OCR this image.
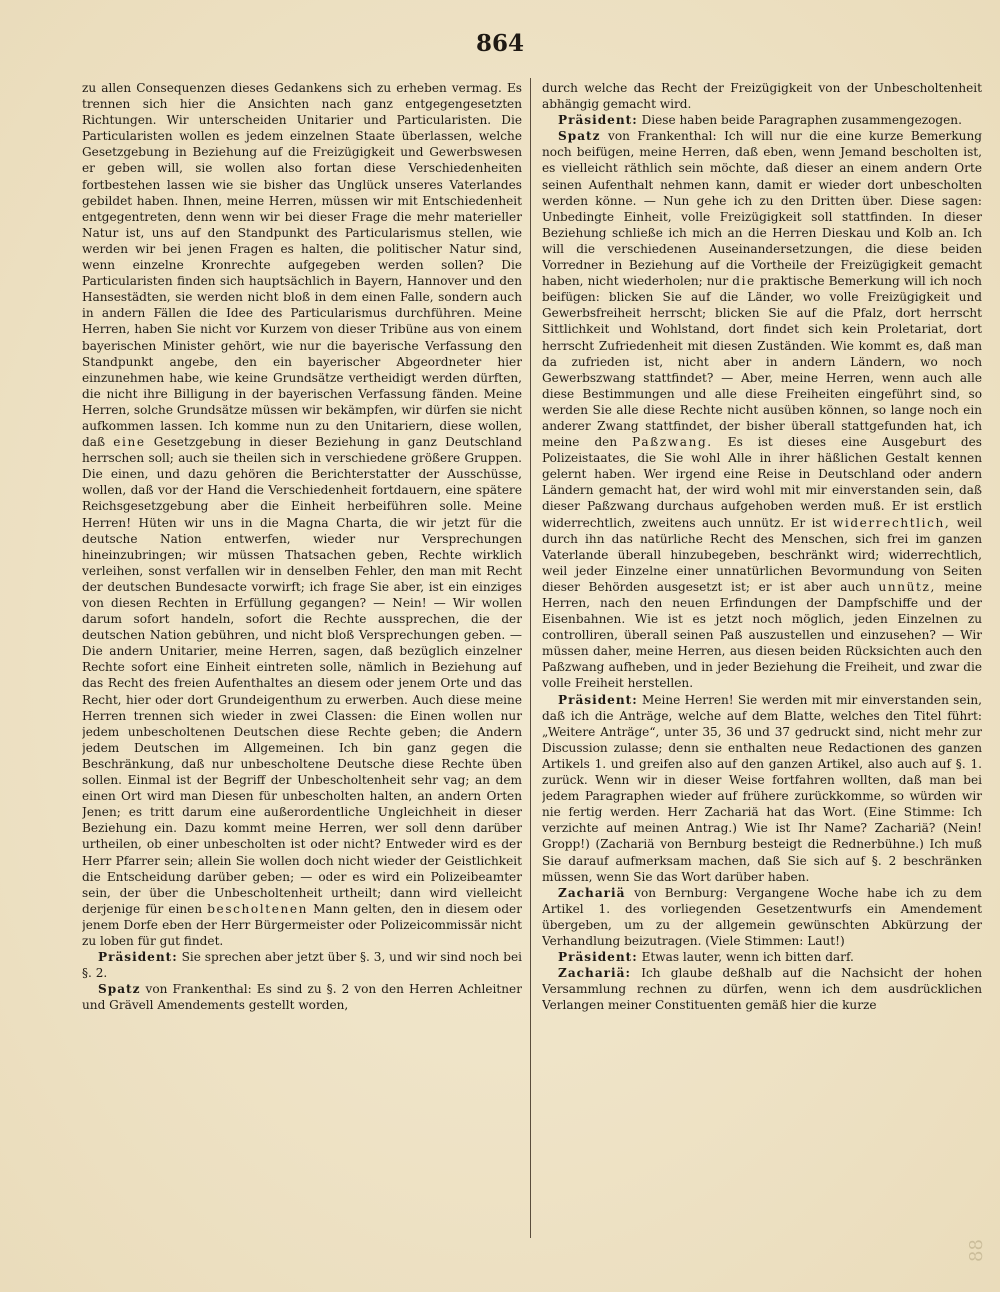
864

zu allen Consequenzen dieses Gedankens sich zu erheben vermag. Es trennen sich hier die Ansichten nach ganz entgegengesetzten Richtungen. Wir unterscheiden Unitarier und Particularisten. Die Particularisten wollen es jedem einzelnen Staate überlassen, welche Gesetzgebung in Beziehung auf die Freizügigkeit und Gewerbswesen er geben will, sie wollen also fortan diese Verschiedenheiten fortbestehen lassen wie sie bisher das Unglück unseres Vaterlandes gebildet haben. Ihnen, meine Herren, müssen wir mit Entschiedenheit entgegentreten, denn wenn wir bei dieser Frage die mehr materieller Natur ist, uns auf den Standpunkt des Particularismus stellen, wie werden wir bei jenen Fragen es halten, die politischer Natur sind, wenn einzelne Kronrechte aufgegeben werden sollen? Die Particularisten finden sich hauptsächlich in Bayern, Hannover und den Hansestädten, sie werden nicht bloß in dem einen Falle, sondern auch in andern Fällen die Idee des Particularismus durchführen. Meine Herren, haben Sie nicht vor Kurzem von dieser Tribüne aus von einem bayerischen Minister gehört, wie nur die bayerische Verfassung den Standpunkt angebe, den ein bayerischer Abgeordneter hier einzunehmen habe, wie keine Grundsätze vertheidigt werden dürften, die nicht ihre Billigung in der bayerischen Verfassung fänden. Meine Herren, solche Grundsätze müssen wir bekämpfen, wir dürfen sie nicht aufkommen lassen. Ich komme nun zu den Unitariern, diese wollen, daß eine Gesetzgebung in dieser Beziehung in ganz Deutschland herrschen soll; auch sie theilen sich in verschiedene größere Gruppen. Die einen, und dazu gehören die Berichterstatter der Ausschüsse, wollen, daß vor der Hand die Verschiedenheit fortdauern, eine spätere Reichsgesetzgebung aber die Einheit herbeiführen solle. Meine Herren! Hüten wir uns in die Magna Charta, die wir jetzt für die deutsche Nation entwerfen, wieder nur Versprechungen hineinzubringen; wir müssen Thatsachen geben, Rechte wirklich verleihen, sonst verfallen wir in denselben Fehler, den man mit Recht der deutschen Bundesacte vorwirft; ich frage Sie aber, ist ein einziges von diesen Rechten in Erfüllung gegangen? — Nein! — Wir wollen darum sofort handeln, sofort die Rechte aussprechen, die der deutschen Nation gebühren, und nicht bloß Versprechungen geben. — Die andern Unitarier, meine Herren, sagen, daß bezüglich einzelner Rechte sofort eine Einheit eintreten solle, nämlich in Beziehung auf das Recht des freien Aufenthaltes an diesem oder jenem Orte und das Recht, hier oder dort Grundeigenthum zu erwerben. Auch diese meine Herren trennen sich wieder in zwei Classen: die Einen wollen nur jedem unbescholtenen Deutschen diese Rechte geben; die Andern jedem Deutschen im Allgemeinen. Ich bin ganz gegen die Beschränkung, daß nur unbescholtene Deutsche diese Rechte üben sollen. Einmal ist der Begriff der Unbescholtenheit sehr vag; an dem einen Ort wird man Diesen für unbescholten halten, an andern Orten Jenen; es tritt darum eine außerordentliche Ungleichheit in dieser Beziehung ein. Dazu kommt meine Herren, wer soll denn darüber urtheilen, ob einer unbescholten ist oder nicht? Entweder wird es der Herr Pfarrer sein; allein Sie wollen doch nicht wieder der Geistlichkeit die Entscheidung darüber geben; — oder es wird ein Polizeibeamter sein, der über die Unbescholtenheit urtheilt; dann wird vielleicht derjenige für einen bescholtenen Mann gelten, den in diesem oder jenem Dorfe eben der Herr Bürgermeister oder Polizeicommissär nicht zu loben für gut findet.

Präsident: Sie sprechen aber jetzt über §. 3, und wir sind noch bei §. 2.

Spatz von Frankenthal: Es sind zu §. 2 von den Herren Achleitner und Grävell Amendements gestellt worden,

durch welche das Recht der Freizügigkeit von der Unbescholtenheit abhängig gemacht wird.

Präsident: Diese haben beide Paragraphen zusammengezogen.

Spatz von Frankenthal: Ich will nur die eine kurze Bemerkung noch beifügen, meine Herren, daß eben, wenn Jemand bescholten ist, es vielleicht räthlich sein möchte, daß dieser an einem andern Orte seinen Aufenthalt nehmen kann, damit er wieder dort unbescholten werden könne. — Nun gehe ich zu den Dritten über. Diese sagen: Unbedingte Einheit, volle Freizügigkeit soll stattfinden. In dieser Beziehung schließe ich mich an die Herren Dieskau und Kolb an. Ich will die verschiedenen Auseinandersetzungen, die diese beiden Vorredner in Beziehung auf die Vortheile der Freizügigkeit gemacht haben, nicht wiederholen; nur die praktische Bemerkung will ich noch beifügen: blicken Sie auf die Länder, wo volle Freizügigkeit und Gewerbsfreiheit herrscht; blicken Sie auf die Pfalz, dort herrscht Sittlichkeit und Wohlstand, dort findet sich kein Proletariat, dort herrscht Zufriedenheit mit diesen Zuständen. Wie kommt es, daß man da zufrieden ist, nicht aber in andern Ländern, wo noch Gewerbszwang stattfindet? — Aber, meine Herren, wenn auch alle diese Bestimmungen und alle diese Freiheiten eingeführt sind, so werden Sie alle diese Rechte nicht ausüben können, so lange noch ein anderer Zwang stattfindet, der bisher überall stattgefunden hat, ich meine den Paßzwang. Es ist dieses eine Ausgeburt des Polizeistaates, die Sie wohl Alle in ihrer häßlichen Gestalt kennen gelernt haben. Wer irgend eine Reise in Deutschland oder andern Ländern gemacht hat, der wird wohl mit mir einverstanden sein, daß dieser Paßzwang durchaus aufgehoben werden muß. Er ist erstlich widerrechtlich, zweitens auch unnütz. Er ist widerrechtlich, weil durch ihn das natürliche Recht des Menschen, sich frei im ganzen Vaterlande überall hinzubegeben, beschränkt wird; widerrechtlich, weil jeder Einzelne einer unnatürlichen Bevormundung von Seiten dieser Behörden ausgesetzt ist; er ist aber auch unnütz, meine Herren, nach den neuen Erfindungen der Dampfschiffe und der Eisenbahnen. Wie ist es jetzt noch möglich, jeden Einzelnen zu controlliren, überall seinen Paß auszustellen und einzusehen? — Wir müssen daher, meine Herren, aus diesen beiden Rücksichten auch den Paßzwang aufheben, und in jeder Beziehung die Freiheit, und zwar die volle Freiheit herstellen.

Präsident: Meine Herren! Sie werden mit mir einverstanden sein, daß ich die Anträge, welche auf dem Blatte, welches den Titel führt: „Weitere Anträge“, unter 35, 36 und 37 gedruckt sind, nicht mehr zur Discussion zulasse; denn sie enthalten neue Redactionen des ganzen Artikels 1. und greifen also auf den ganzen Artikel, also auch auf §. 1. zurück. Wenn wir in dieser Weise fortfahren wollten, daß man bei jedem Paragraphen wieder auf frühere zurückkomme, so würden wir nie fertig werden. Herr Zachariä hat das Wort. (Eine Stimme: Ich verzichte auf meinen Antrag.) Wie ist Ihr Name? Zachariä? (Nein! Gropp!) (Zachariä von Bernburg besteigt die Rednerbühne.) Ich muß Sie darauf aufmerksam machen, daß Sie sich auf §. 2 beschränken müssen, wenn Sie das Wort darüber haben.

Zachariä von Bernburg: Vergangene Woche habe ich zu dem Artikel 1. des vorliegenden Gesetzentwurfs ein Amendement übergeben, um zu der allgemein gewünschten Abkürzung der Verhandlung beizutragen. (Viele Stimmen: Laut!)

Präsident: Etwas lauter, wenn ich bitten darf.

Zachariä: Ich glaube deßhalb auf die Nachsicht der hohen Versammlung rechnen zu dürfen, wenn ich dem ausdrücklichen Verlangen meiner Constituenten gemäß hier die kurze

88
